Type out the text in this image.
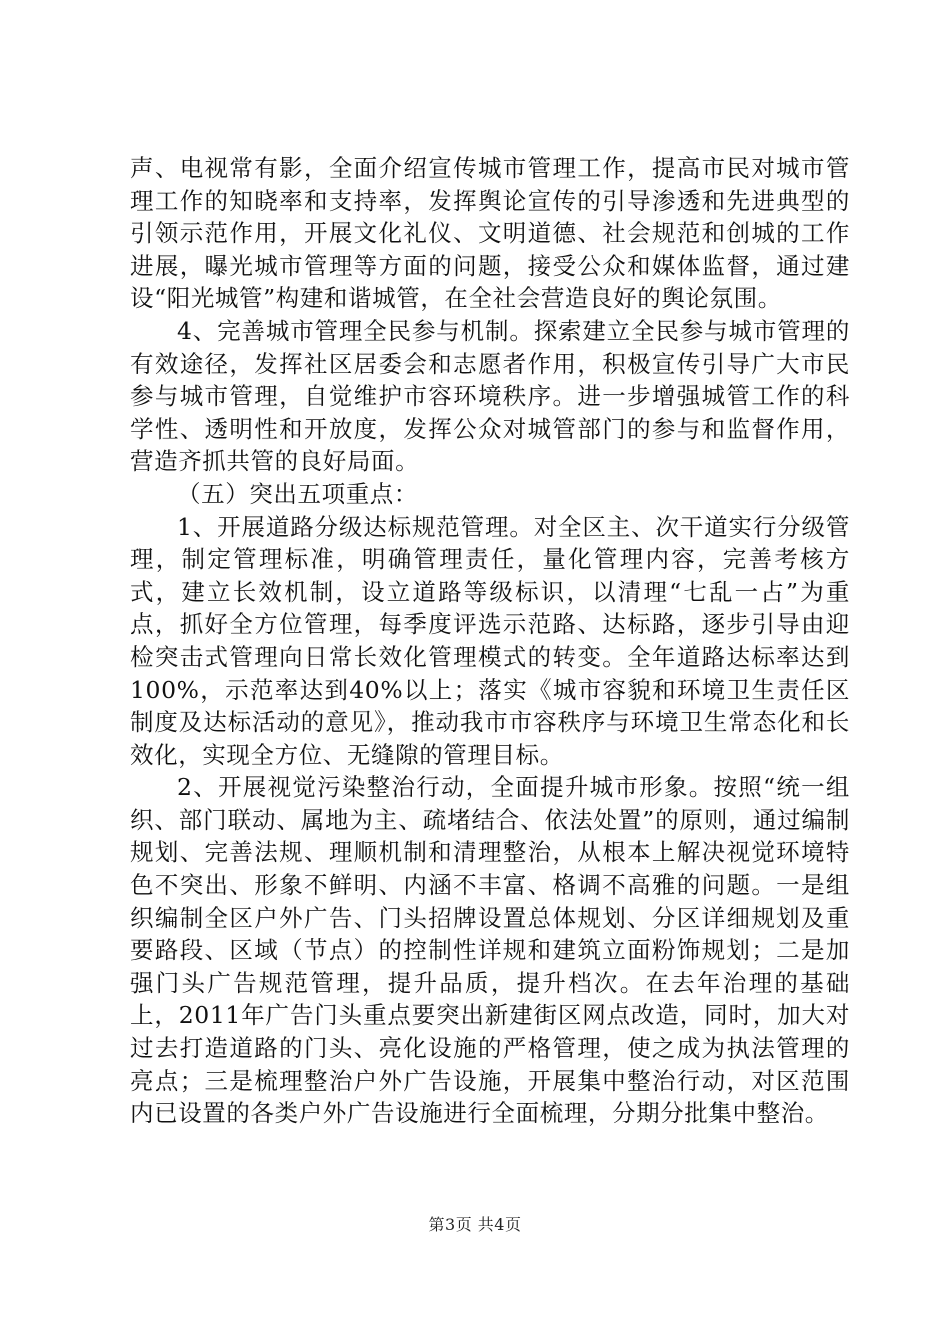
声、电视常有影，全面介绍宣传城市管理工作，提高市民对城市管理工作的知晓率和支持率，发挥舆论宣传的引导渗透和先进典型的引领示范作用，开展文化礼仪、文明道德、社会规范和创城的工作进展，曝光城市管理等方面的问题，接受公众和媒体监督，通过建设“阳光城管”构建和谐城管，在全社会营造良好的舆论氛围。

4、完善城市管理全民参与机制。探索建立全民参与城市管理的有效途径，发挥社区居委会和志愿者作用，积极宣传引导广大市民参与城市管理，自觉维护市容环境秩序。进一步增强城管工作的科学性、透明性和开放度，发挥公众对城管部门的参与和监督作用，营造齐抓共管的良好局面。

（五）突出五项重点：

1、开展道路分级达标规范管理。对全区主、次干道实行分级管理，制定管理标准，明确管理责任，量化管理内容，完善考核方式，建立长效机制，设立道路等级标识，以清理“七乱一占”为重点，抓好全方位管理，每季度评选示范路、达标路，逐步引导由迎检突击式管理向日常长效化管理模式的转变。全年道路达标率达到100%，示范率达到40%以上；落实《城市容貌和环境卫生责任区制度及达标活动的意见》，推动我市市容秩序与环境卫生常态化和长效化，实现全方位、无缝隙的管理目标。

2、开展视觉污染整治行动，全面提升城市形象。按照“统一组织、部门联动、属地为主、疏堵结合、依法处置”的原则，通过编制规划、完善法规、理顺机制和清理整治，从根本上解决视觉环境特色不突出、形象不鲜明、内涵不丰富、格调不高雅的问题。一是组织编制全区户外广告、门头招牌设置总体规划、分区详细规划及重要路段、区域（节点）的控制性详规和建筑立面粉饰规划；二是加强门头广告规范管理，提升品质，提升档次。在去年治理的基础上，2011年广告门头重点要突出新建街区网点改造，同时，加大对过去打造道路的门头、亮化设施的严格管理，使之成为执法管理的亮点；三是梳理整治户外广告设施，开展集中整治行动，对区范围内已设置的各类户外广告设施进行全面梳理，分期分批集中整治。

第3页 共4页
